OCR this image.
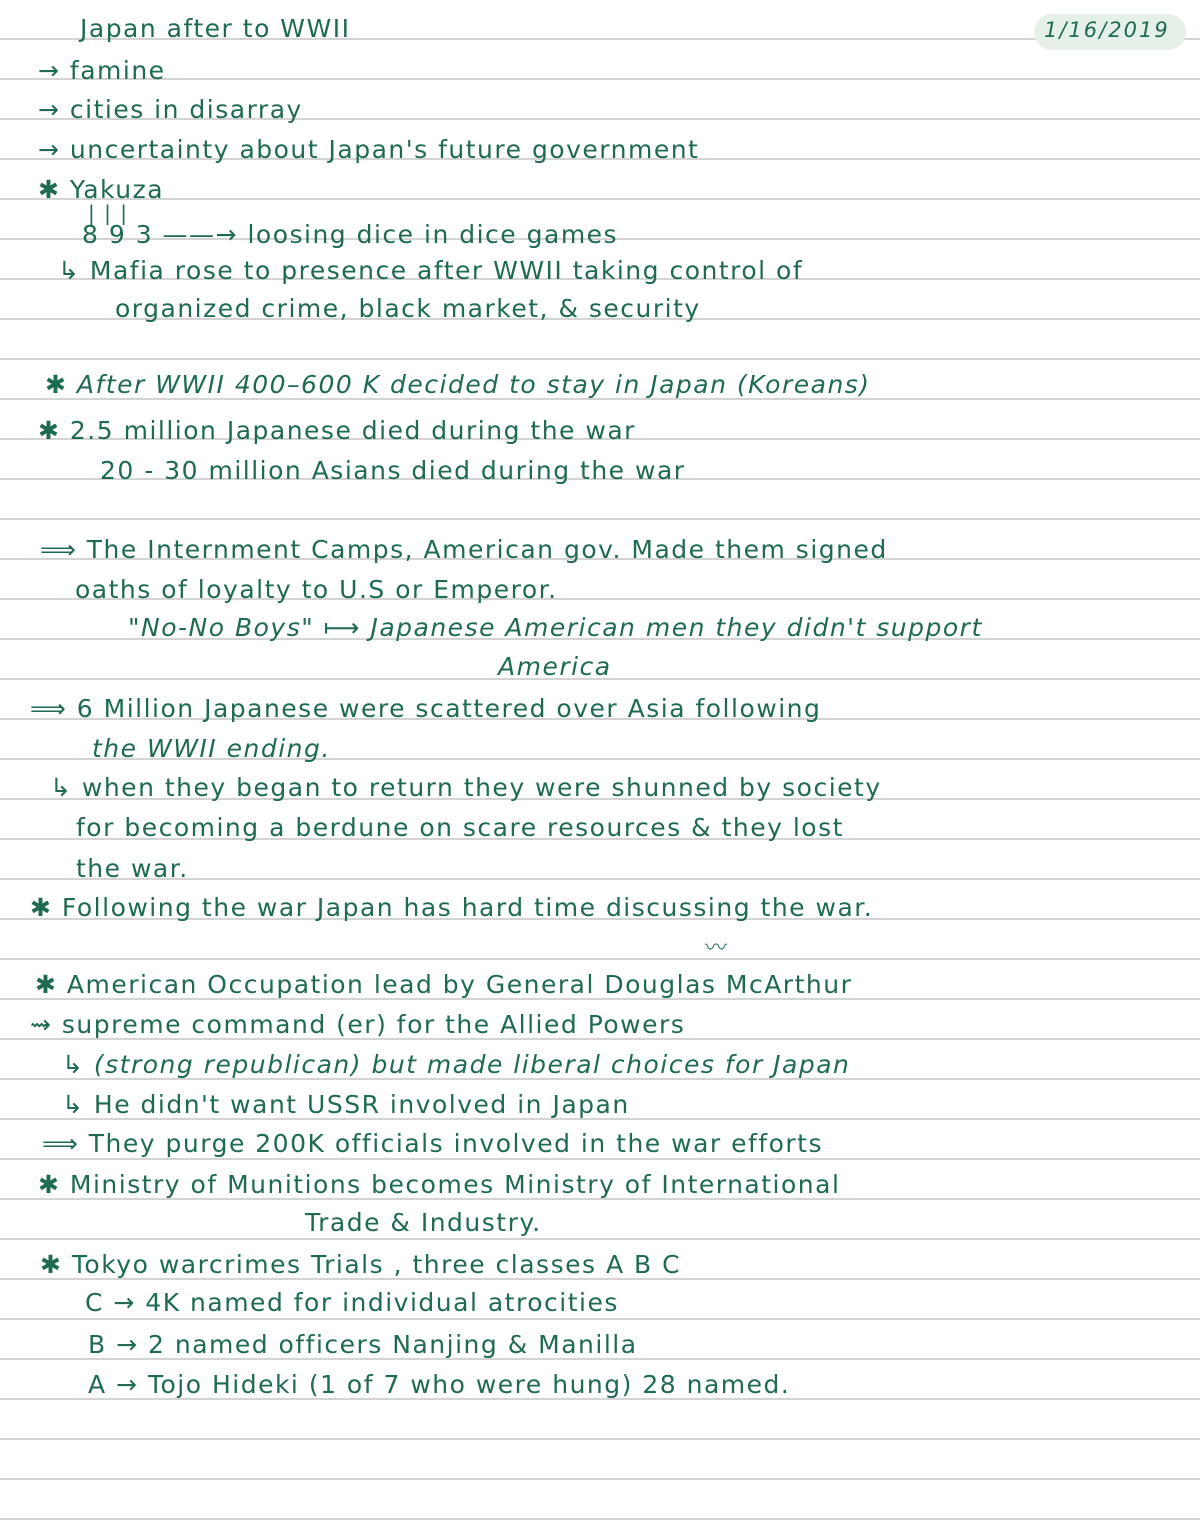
1/16/2019
Japan after to WWII
→ famine
→ cities in disarray
→ uncertainty about Japan's future government
✱ Yakuza
| | |
8 9 3 ——→ loosing dice in dice games
↳ Mafia rose to presence after WWII taking control of
organized crime, black market, & security
✱ After WWII 400–600 K decided to stay in Japan (Koreans)
✱ 2.5 million Japanese died during the war
20 - 30 million Asians died during the war
⟹ The Internment Camps, American gov. Made them signed
oaths of loyalty to U.S or Emperor.
"No-No Boys" ⟼ Japanese American men they didn't support
America
⟹ 6 Million Japanese were scattered over Asia following
the WWII ending.
↳ when they began to return they were shunned by society
for becoming a berdune on scare resources & they lost
the war.
✱ Following the war Japan has hard time discussing the war.
〰
✱ American Occupation lead by General Douglas McArthur
⇝ supreme command (er) for the Allied Powers
↳ (strong republican) but made liberal choices for Japan
↳ He didn't want USSR involved in Japan
⟹ They purge 200K officials involved in the war efforts
✱ Ministry of Munitions becomes Ministry of International
Trade & Industry.
✱ Tokyo warcrimes Trials , three classes A B C
C → 4K named for individual atrocities
B → 2 named officers Nanjing & Manilla
A → Tojo Hideki (1 of 7 who were hung) 28 named.
